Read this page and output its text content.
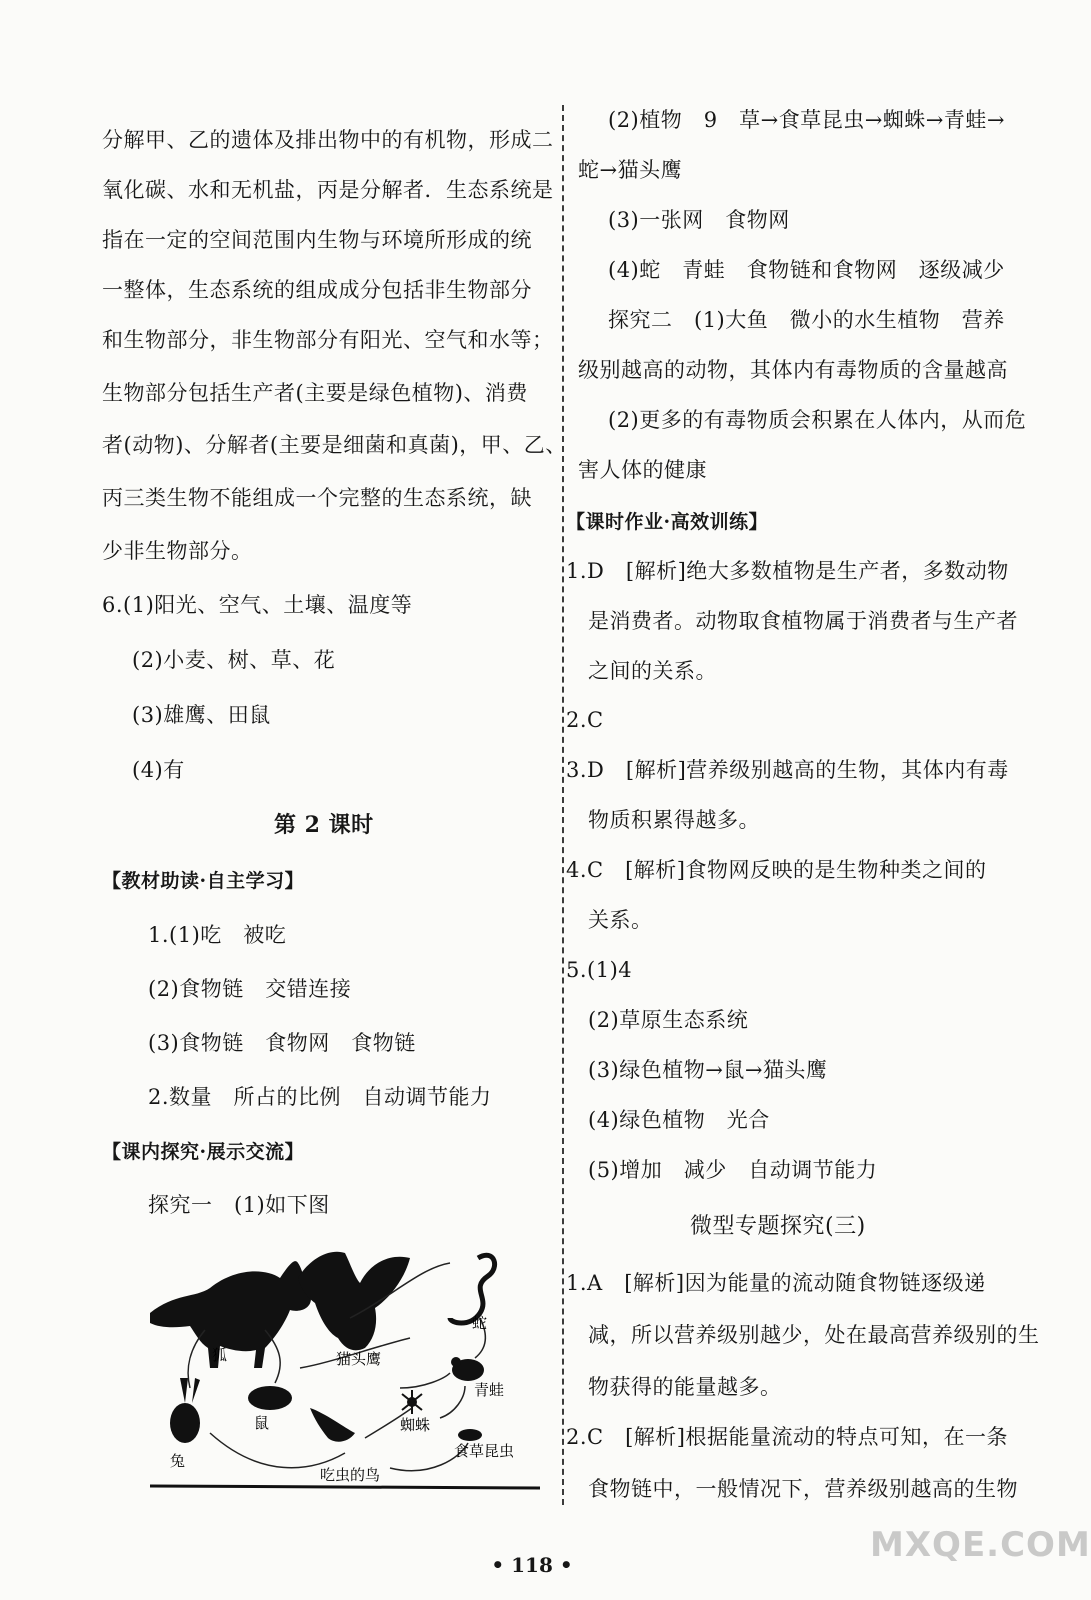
分解甲、乙的遗体及排出物中的有机物，形成二
氧化碳、水和无机盐，丙是分解者．生态系统是
指在一定的空间范围内生物与环境所形成的统
一整体，生态系统的组成成分包括非生物部分
和生物部分，非生物部分有阳光、空气和水等；
生物部分包括生产者(主要是绿色植物)、消费
者(动物)、分解者(主要是细菌和真菌)，甲、乙、
丙三类生物不能组成一个完整的生态系统，缺
少非生物部分。
6.(1)阳光、空气、土壤、温度等
(2)小麦、树、草、花
(3)雄鹰、田鼠
(4)有
第 2 课时
【教材助读·自主学习】
1.(1)吃　被吃
(2)食物链　交错连接
(3)食物链　食物网　食物链
2.数量　所占的比例　自动调节能力
【课内探究·展示交流】
探究一　(1)如下图
狐	猫头鹰
蛇
青蛙
蜘蛛
食草昆虫
吃虫的鸟
鼠
兔
(2)植物　9　草→食草昆虫→蜘蛛→青蛙→
蛇→猫头鹰
(3)一张网　食物网
(4)蛇　青蛙　食物链和食物网　逐级减少
探究二　(1)大鱼　微小的水生植物　营养
级别越高的动物，其体内有毒物质的含量越高
(2)更多的有毒物质会积累在人体内，从而危
害人体的健康
【课时作业·高效训练】
1.D　[解析]绝大多数植物是生产者，多数动物
是消费者。动物取食植物属于消费者与生产者
之间的关系。
2.C
3.D　[解析]营养级别越高的生物，其体内有毒
物质积累得越多。
4.C　[解析]食物网反映的是生物种类之间的
关系。
5.(1)4
(2)草原生态系统
(3)绿色植物→鼠→猫头鹰
(4)绿色植物　光合
(5)增加　减少　自动调节能力
微型专题探究(三)
1.A　[解析]因为能量的流动随食物链逐级递
减，所以营养级别越少，处在最高营养级别的生
物获得的能量越多。
2.C　[解析]根据能量流动的特点可知，在一条
食物链中，一般情况下，营养级别越高的生物
• 118 •	MXQE.COM
